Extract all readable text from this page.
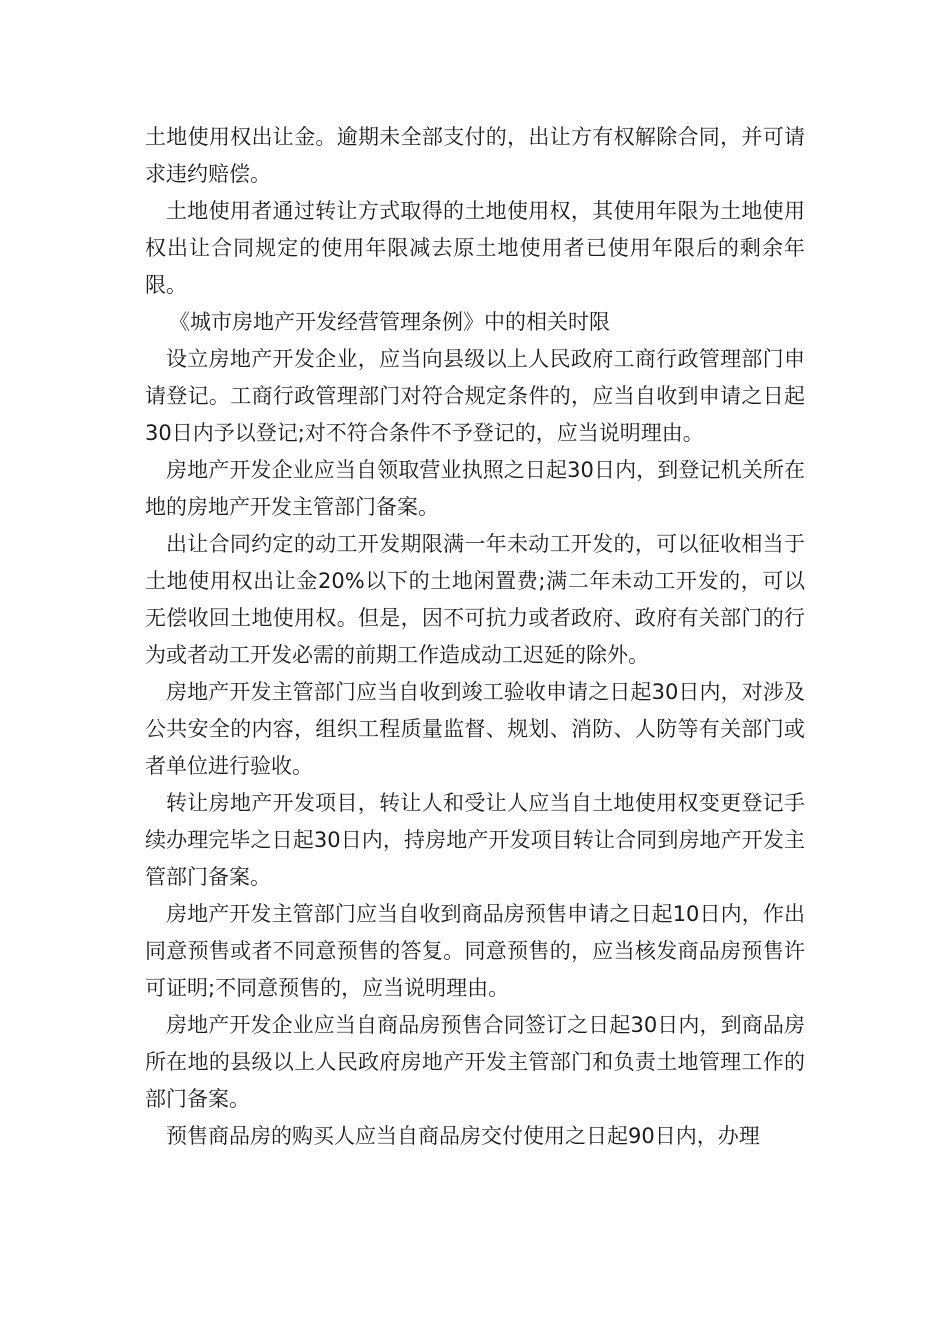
土地使用权出让金。逾期未全部支付的，出让方有权解除合同，并可请求违约赔偿。

土地使用者通过转让方式取得的土地使用权，其使用年限为土地使用权出让合同规定的使用年限减去原土地使用者已使用年限后的剩余年限。

《城市房地产开发经营管理条例》中的相关时限

设立房地产开发企业，应当向县级以上人民政府工商行政管理部门申请登记。工商行政管理部门对符合规定条件的，应当自收到申请之日起30日内予以登记;对不符合条件不予登记的，应当说明理由。

房地产开发企业应当自领取营业执照之日起30日内，到登记机关所在地的房地产开发主管部门备案。

出让合同约定的动工开发期限满一年未动工开发的，可以征收相当于土地使用权出让金20%以下的土地闲置费;满二年未动工开发的，可以无偿收回土地使用权。但是，因不可抗力或者政府、政府有关部门的行为或者动工开发必需的前期工作造成动工迟延的除外。

房地产开发主管部门应当自收到竣工验收申请之日起30日内，对涉及公共安全的内容，组织工程质量监督、规划、消防、人防等有关部门或者单位进行验收。

转让房地产开发项目，转让人和受让人应当自土地使用权变更登记手续办理完毕之日起30日内，持房地产开发项目转让合同到房地产开发主管部门备案。

房地产开发主管部门应当自收到商品房预售申请之日起10日内，作出同意预售或者不同意预售的答复。同意预售的，应当核发商品房预售许可证明;不同意预售的，应当说明理由。

房地产开发企业应当自商品房预售合同签订之日起30日内，到商品房所在地的县级以上人民政府房地产开发主管部门和负责土地管理工作的部门备案。

预售商品房的购买人应当自商品房交付使用之日起90日内，办理
